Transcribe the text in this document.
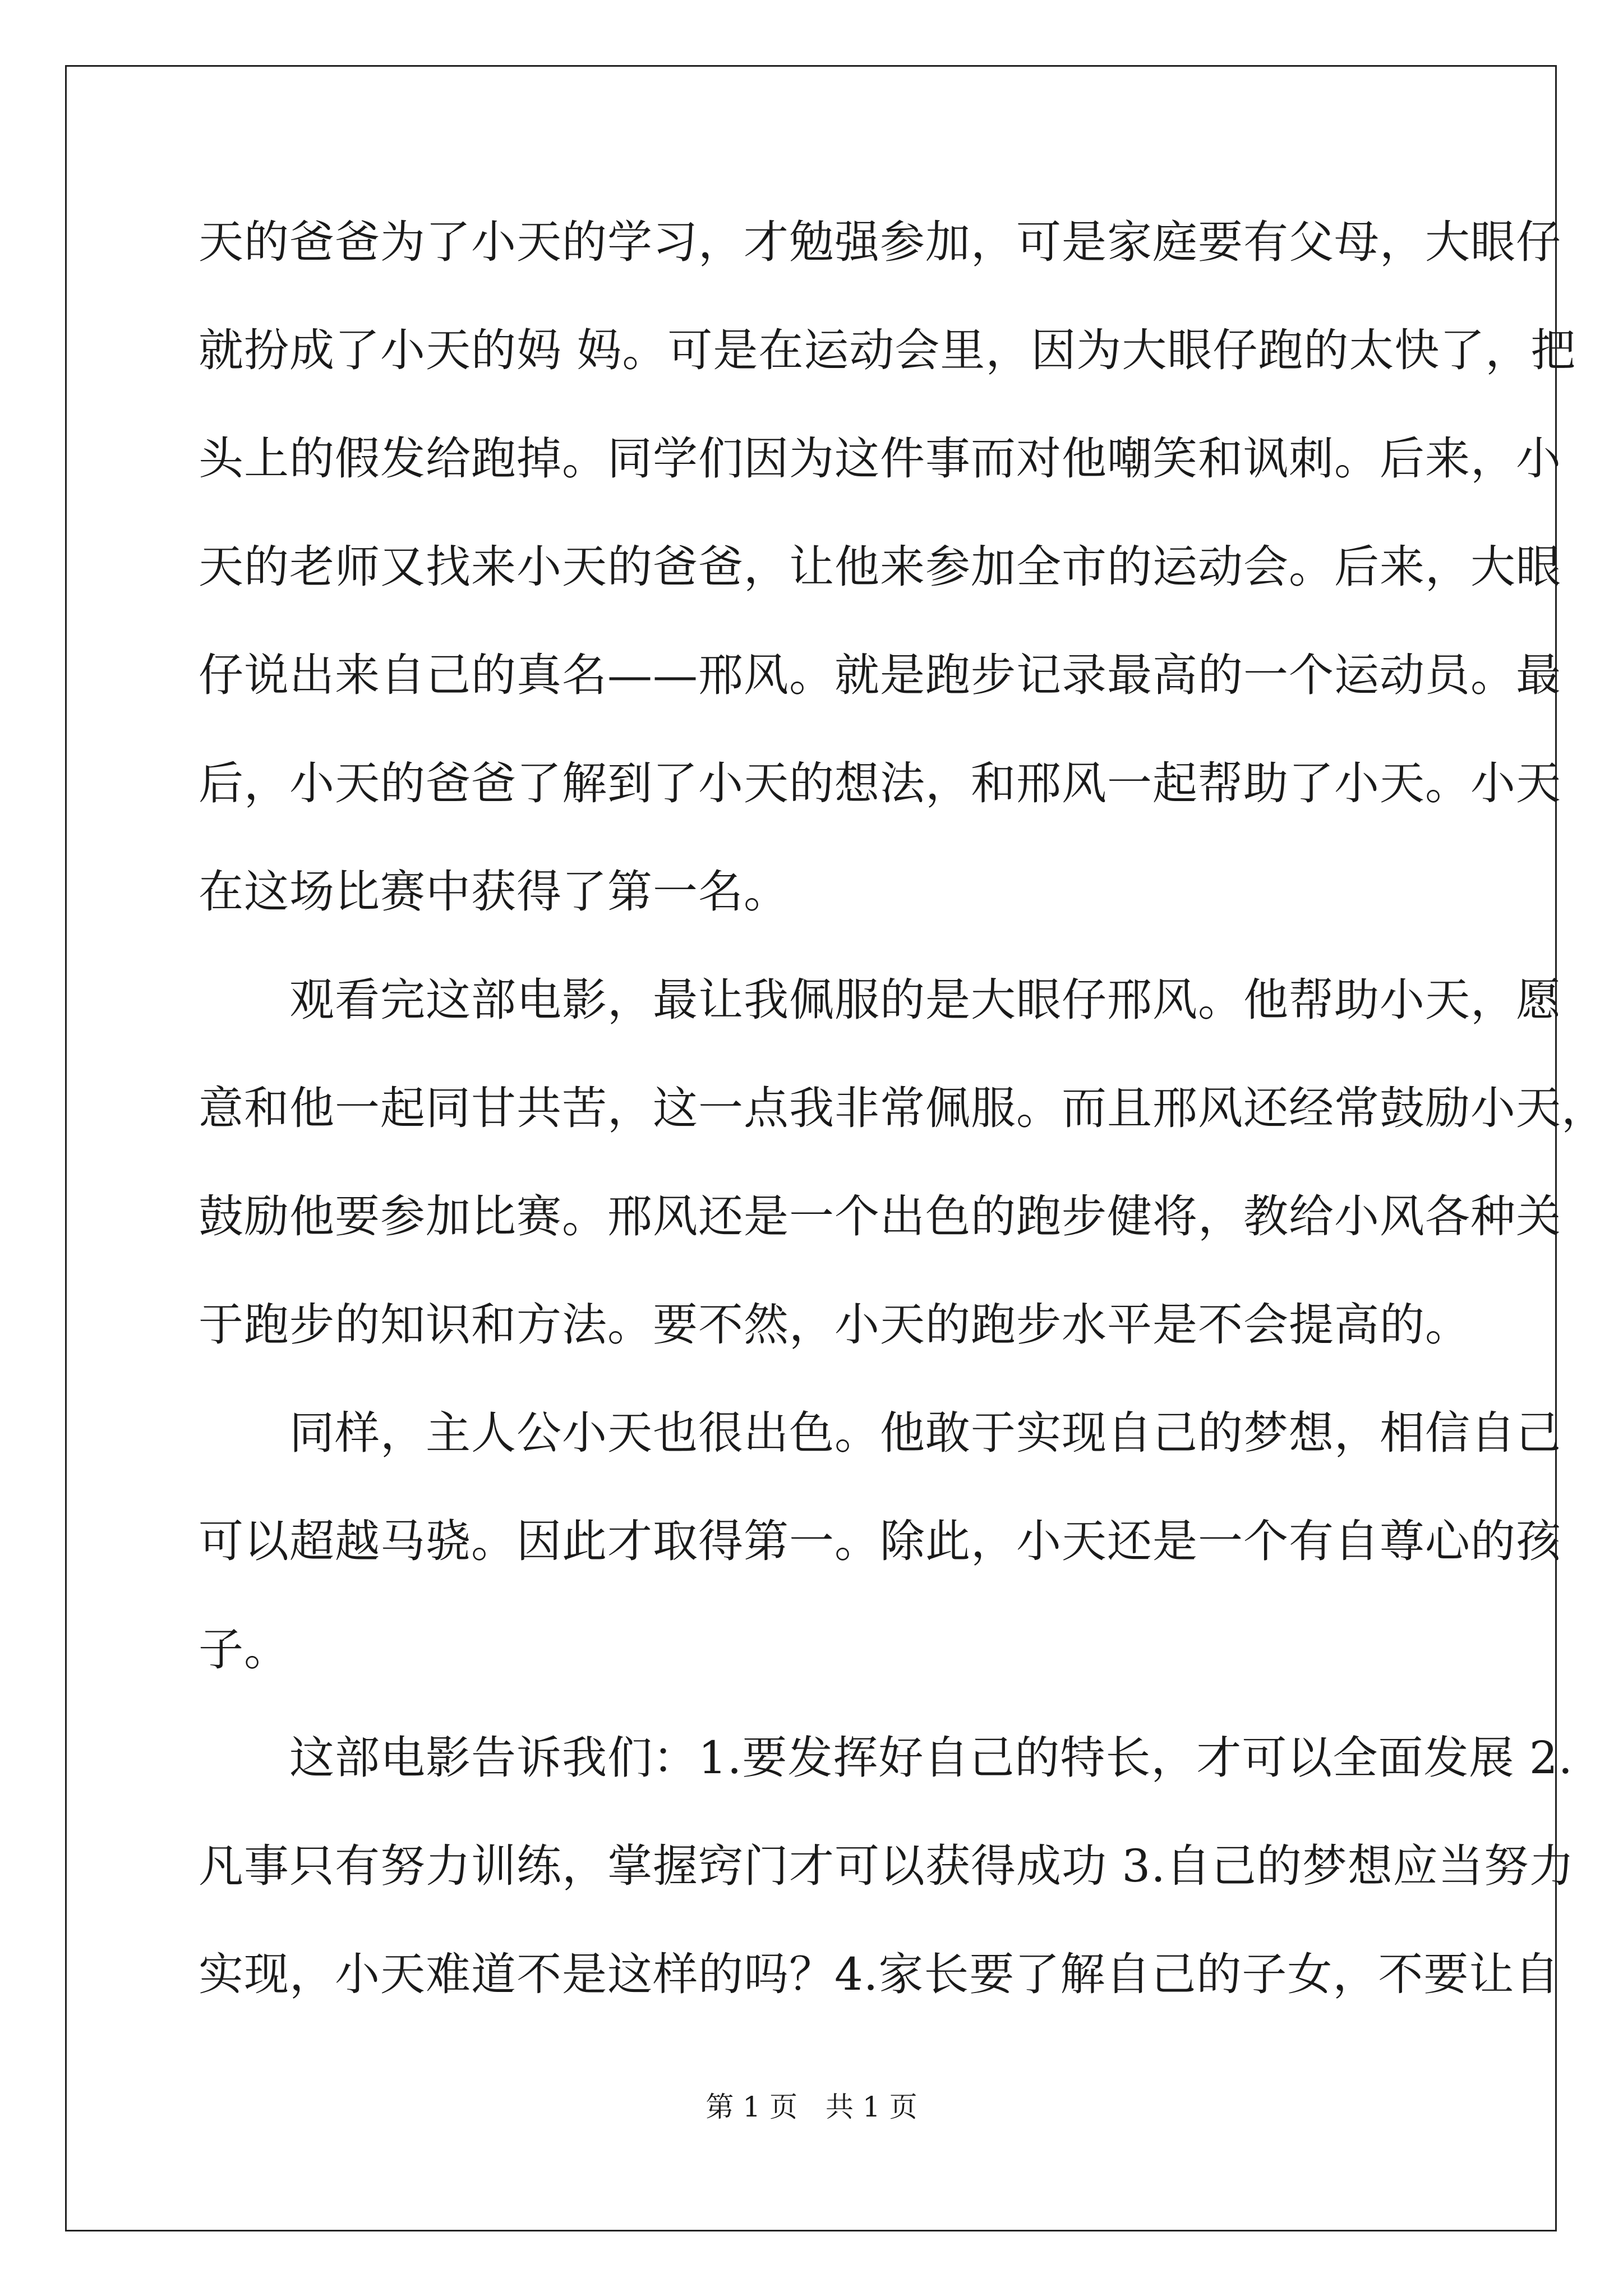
天的爸爸为了小天的学习，才勉强参加，可是家庭要有父母，大眼仔
就扮成了小天的妈 妈。可是在运动会里，因为大眼仔跑的太快了，把
头上的假发给跑掉。同学们因为这件事而对他嘲笑和讽刺。后来，小
天的老师又找来小天的爸爸，让他来参加全市的运动会。后来，大眼
仔说出来自己的真名——邢风。就是跑步记录最高的一个运动员。最
后，小天的爸爸了解到了小天的想法，和邢风一起帮助了小天。小天
在这场比赛中获得了第一名。
　　观看完这部电影，最让我佩服的是大眼仔邢风。他帮助小天，愿
意和他一起同甘共苦，这一点我非常佩服。而且邢风还经常鼓励小天，
鼓励他要参加比赛。邢风还是一个出色的跑步健将，教给小风各种关
于跑步的知识和方法。要不然，小天的跑步水平是不会提高的。
　　同样，主人公小天也很出色。他敢于实现自己的梦想，相信自己
可以超越马骁。因此才取得第一。除此，小天还是一个有自尊心的孩
子。
　　这部电影告诉我们：1.要发挥好自己的特长，才可以全面发展 2.
凡事只有努力训练，掌握窍门才可以获得成功 3.自己的梦想应当努力
实现，小天难道不是这样的吗？4.家长要了解自己的子女，不要让自
第 1 页　共 1 页
